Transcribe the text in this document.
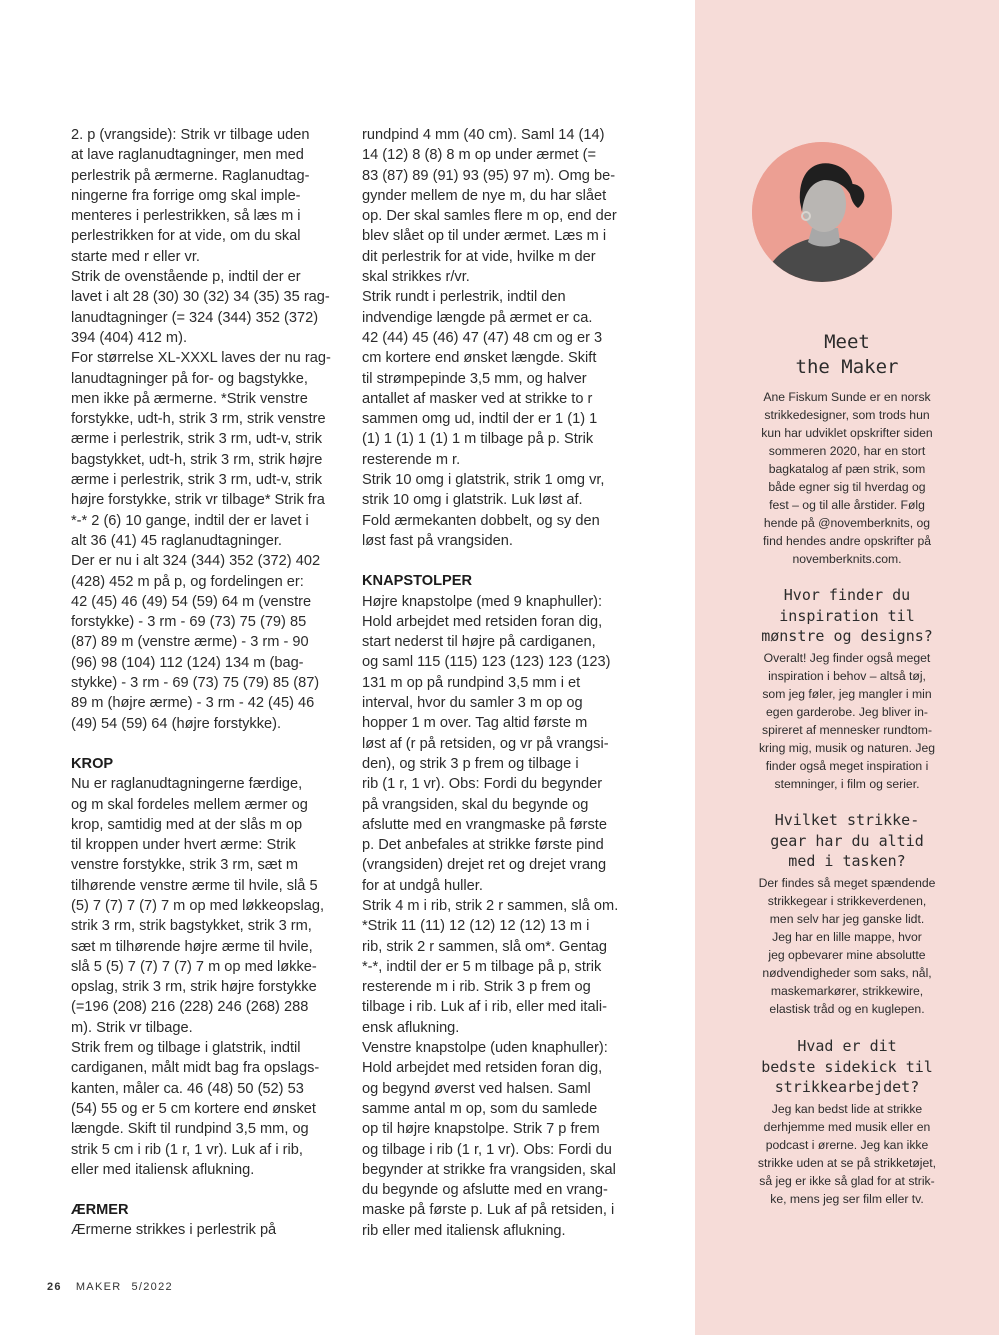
2. p (vrangside): Strik vr tilbage uden
at lave raglanudtagninger, men med
perlestrik på ærmerne. Raglanudtag-
ningerne fra forrige omg skal imple-
menteres i perlestrikken, så læs m i
perlestrikken for at vide, om du skal
starte med r eller vr.

Strik de ovenstående p, indtil der er
lavet i alt 28 (30) 30 (32) 34 (35) 35 rag-
lanudtagninger (= 324 (344) 352 (372)
394 (404) 412 m).

For størrelse XL-XXXL laves der nu rag-
lanudtagninger på for- og bagstykke,
men ikke på ærmerne. *Strik venstre
forstykke, udt-h, strik 3 rm, strik venstre
ærme i perlestrik, strik 3 rm, udt-v, strik
bagstykket, udt-h, strik 3 rm, strik højre
ærme i perlestrik, strik 3 rm, udt-v, strik
højre forstykke, strik vr tilbage* Strik fra
*-* 2 (6) 10 gange, indtil der er lavet i
alt 36 (41) 45 raglanudtagninger.

Der er nu i alt 324 (344) 352 (372) 402
(428) 452 m på p, og fordelingen er:
42 (45) 46 (49) 54 (59) 64 m (venstre
forstykke) - 3 rm - 69 (73) 75 (79) 85
(87) 89 m (venstre ærme) - 3 rm - 90
(96) 98 (104) 112 (124) 134 m (bag-
stykke) - 3 rm - 69 (73) 75 (79) 85 (87)
89 m (højre ærme) - 3 rm - 42 (45) 46
(49) 54 (59) 64 (højre forstykke).

KROP

Nu er raglanudtagningerne færdige,
og m skal fordeles mellem ærmer og
krop, samtidig med at der slås m op
til kroppen under hvert ærme: Strik
venstre forstykke, strik 3 rm, sæt m
tilhørende venstre ærme til hvile, slå 5
(5) 7 (7) 7 (7) 7 m op med løkkeopslag,
strik 3 rm, strik bagstykket, strik 3 rm,
sæt m tilhørende højre ærme til hvile,
slå 5 (5) 7 (7) 7 (7) 7 m op med løkke-
opslag, strik 3 rm, strik højre forstykke
(=196 (208) 216 (228) 246 (268) 288
m). Strik vr tilbage.

Strik frem og tilbage i glatstrik, indtil
cardiganen, målt midt bag fra opslags-
kanten, måler ca. 46 (48) 50 (52) 53
(54) 55 og er 5 cm kortere end ønsket
længde. Skift til rundpind 3,5 mm, og
strik 5 cm i rib (1 r, 1 vr). Luk af i rib,
eller med italiensk aflukning.

ÆRMER

Ærmerne strikkes i perlestrik på

rundpind 4 mm (40 cm). Saml 14 (14)
14 (12) 8 (8) 8 m op under ærmet (=
83 (87) 89 (91) 93 (95) 97 m). Omg be-
gynder mellem de nye m, du har slået
op. Der skal samles flere m op, end der
blev slået op til under ærmet. Læs m i
dit perlestrik for at vide, hvilke m der
skal strikkes r/vr.

Strik rundt i perlestrik, indtil den
indvendige længde på ærmet er ca.
42 (44) 45 (46) 47 (47) 48 cm og er 3
cm kortere end ønsket længde. Skift
til strømpepinde 3,5 mm, og halver
antallet af masker ved at strikke to r
sammen omg ud, indtil der er 1 (1) 1
(1) 1 (1) 1 (1) 1 m tilbage på p. Strik
resterende m r.

Strik 10 omg i glatstrik, strik 1 omg vr,
strik 10 omg i glatstrik. Luk løst af.
Fold ærmekanten dobbelt, og sy den
løst fast på vrangsiden.

KNAPSTOLPER

Højre knapstolpe (med 9 knaphuller):
Hold arbejdet med retsiden foran dig,
start nederst til højre på cardiganen,
og saml 115 (115) 123 (123) 123 (123)
131 m op på rundpind 3,5 mm i et
interval, hvor du samler 3 m op og
hopper 1 m over. Tag altid første m
løst af (r på retsiden, og vr på vrangsi-
den), og strik 3 p frem og tilbage i
rib (1 r, 1 vr). Obs: Fordi du begynder
på vrangsiden, skal du begynde og
afslutte med en vrangmaske på første
p. Det anbefales at strikke første pind
(vrangsiden) drejet ret og drejet vrang
for at undgå huller.

Strik 4 m i rib, strik 2 r sammen, slå om.
*Strik 11 (11) 12 (12) 12 (12) 13 m i
rib, strik 2 r sammen, slå om*. Gentag
*-*, indtil der er 5 m tilbage på p, strik
resterende m i rib. Strik 3 p frem og
tilbage i rib. Luk af i rib, eller med itali-
ensk aflukning.

Venstre knapstolpe (uden knaphuller):
Hold arbejdet med retsiden foran dig,
og begynd øverst ved halsen. Saml
samme antal m op, som du samlede
op til højre knapstolpe. Strik 7 p frem
og tilbage i rib (1 r, 1 vr). Obs: Fordi du
begynder at strikke fra vrangsiden, skal
du begynde og afslutte med en vrang-
maske på første p. Luk af på retsiden, i
rib eller med italiensk aflukning.

Meet
the Maker
Ane Fiskum Sunde er en norsk
strikkedesigner, som trods hun
kun har udviklet opskrifter siden
sommeren 2020, har en stort
bagkatalog af pæn strik, som
både egner sig til hverdag og
fest – og til alle årstider. Følg
hende på @novemberknits, og
find hendes andre opskrifter på
novemberknits.com.
Hvor finder du
inspiration til
mønstre og designs?
Overalt! Jeg finder også meget
inspiration i behov – altså tøj,
som jeg føler, jeg mangler i min
egen garderobe. Jeg bliver in-
spireret af mennesker rundtom-
kring mig, musik og naturen. Jeg
finder også meget inspiration i
stemninger, i film og serier.
Hvilket strikke-
gear har du altid
med i tasken?
Der findes så meget spændende
strikkegear i strikkeverdenen,
men selv har jeg ganske lidt.
Jeg har en lille mappe, hvor
jeg opbevarer mine absolutte
nødvendigheder som saks, nål,
maskemarkører, strikkewire,
elastisk tråd og en kuglepen.
Hvad er dit
bedste sidekick til
strikkearbejdet?
Jeg kan bedst lide at strikke
derhjemme med musik eller en
podcast i ørerne. Jeg kan ikke
strikke uden at se på strikketøjet,
så jeg er ikke så glad for at strik-
ke, mens jeg ser film eller tv.
26 MAKER 5/2022
